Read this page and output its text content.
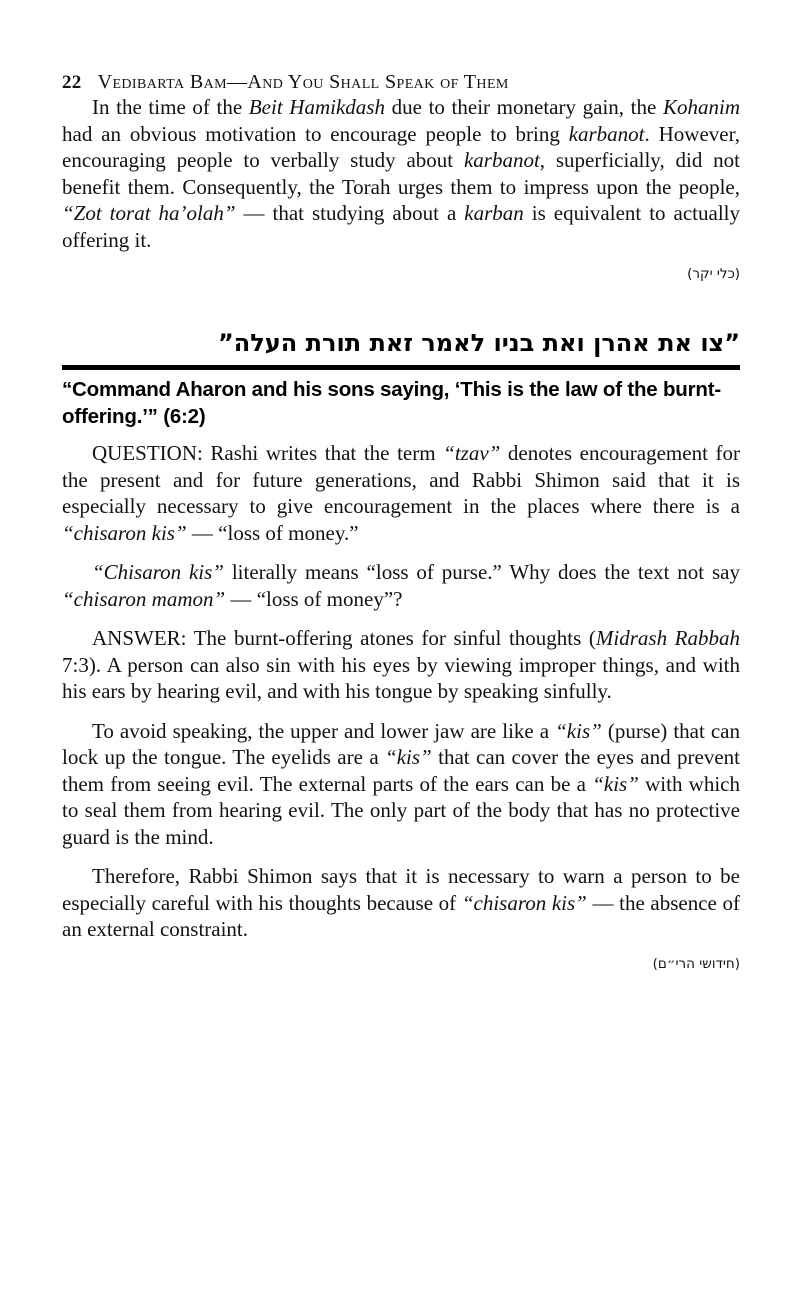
22 Vedibarta Bam—And You Shall Speak of Them

In the time of the Beit Hamikdash due to their monetary gain, the Kohanim had an obvious motivation to encourage people to bring karbanot. However, encouraging people to verbally study about karbanot, superficially, did not benefit them. Consequently, the Torah urges them to impress upon the people, “Zot torat ha’olah” — that studying about a karban is equivalent to actually offering it.

(כלי יקר)

”צו את אהרן ואת בניו לאמר זאת תורת העלה”
“Command Aharon and his sons saying, ‘This is the law of the burnt-offering.’” (6:2)

QUESTION: Rashi writes that the term “tzav” denotes encouragement for the present and for future generations, and Rabbi Shimon said that it is especially necessary to give encouragement in the places where there is a “chisaron kis” — “loss of money.”

“Chisaron kis” literally means “loss of purse.” Why does the text not say “chisaron mamon” — “loss of money”?

ANSWER: The burnt-offering atones for sinful thoughts (Midrash Rabbah 7:3). A person can also sin with his eyes by viewing improper things, and with his ears by hearing evil, and with his tongue by speaking sinfully.

To avoid speaking, the upper and lower jaw are like a “kis” (purse) that can lock up the tongue. The eyelids are a “kis” that can cover the eyes and prevent them from seeing evil. The external parts of the ears can be a “kis” with which to seal them from hearing evil. The only part of the body that has no protective guard is the mind.

Therefore, Rabbi Shimon says that it is necessary to warn a person to be especially careful with his thoughts because of “chisaron kis” — the absence of an external constraint.

(חידושי הרי״ם)
